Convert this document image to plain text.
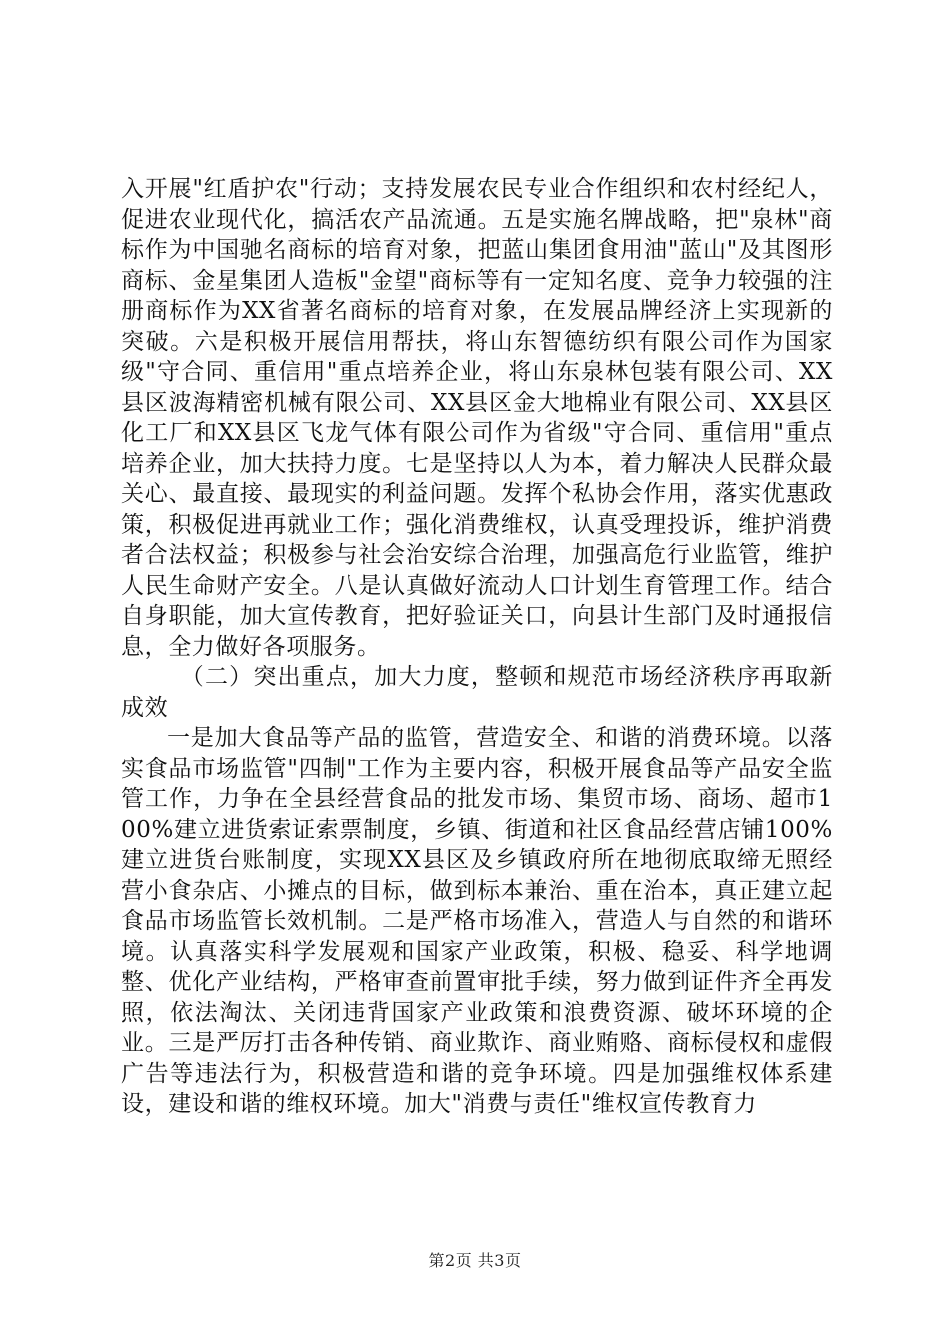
入开展"红盾护农"行动；支持发展农民专业合作组织和农村经纪人，促进农业现代化，搞活农产品流通。五是实施名牌战略，把"泉林"商标作为中国驰名商标的培育对象，把蓝山集团食用油"蓝山"及其图形商标、金星集团人造板"金望"商标等有一定知名度、竞争力较强的注册商标作为XX省著名商标的培育对象，在发展品牌经济上实现新的突破。六是积极开展信用帮扶，将山东智德纺织有限公司作为国家级"守合同、重信用"重点培养企业，将山东泉林包装有限公司、XX县区波海精密机械有限公司、XX县区金大地棉业有限公司、XX县区化工厂和XX县区飞龙气体有限公司作为省级"守合同、重信用"重点培养企业，加大扶持力度。七是坚持以人为本，着力解决人民群众最关心、最直接、最现实的利益问题。发挥个私协会作用，落实优惠政策，积极促进再就业工作；强化消费维权，认真受理投诉，维护消费者合法权益；积极参与社会治安综合治理，加强高危行业监管，维护人民生命财产安全。八是认真做好流动人口计划生育管理工作。结合自身职能，加大宣传教育，把好验证关口，向县计生部门及时通报信息，全力做好各项服务。

（二）突出重点，加大力度，整顿和规范市场经济秩序再取新成效

一是加大食品等产品的监管，营造安全、和谐的消费环境。以落实食品市场监管"四制"工作为主要内容，积极开展食品等产品安全监管工作，力争在全县经营食品的批发市场、集贸市场、商场、超市100%建立进货索证索票制度，乡镇、街道和社区食品经营店铺100%建立进货台账制度，实现XX县区及乡镇政府所在地彻底取缔无照经营小食杂店、小摊点的目标，做到标本兼治、重在治本，真正建立起食品市场监管长效机制。二是严格市场准入，营造人与自然的和谐环境。认真落实科学发展观和国家产业政策，积极、稳妥、科学地调整、优化产业结构，严格审查前置审批手续，努力做到证件齐全再发照，依法淘汰、关闭违背国家产业政策和浪费资源、破坏环境的企业。三是严厉打击各种传销、商业欺诈、商业贿赂、商标侵权和虚假广告等违法行为，积极营造和谐的竞争环境。四是加强维权体系建设，建设和谐的维权环境。加大"消费与责任"维权宣传教育力

第2页 共3页
